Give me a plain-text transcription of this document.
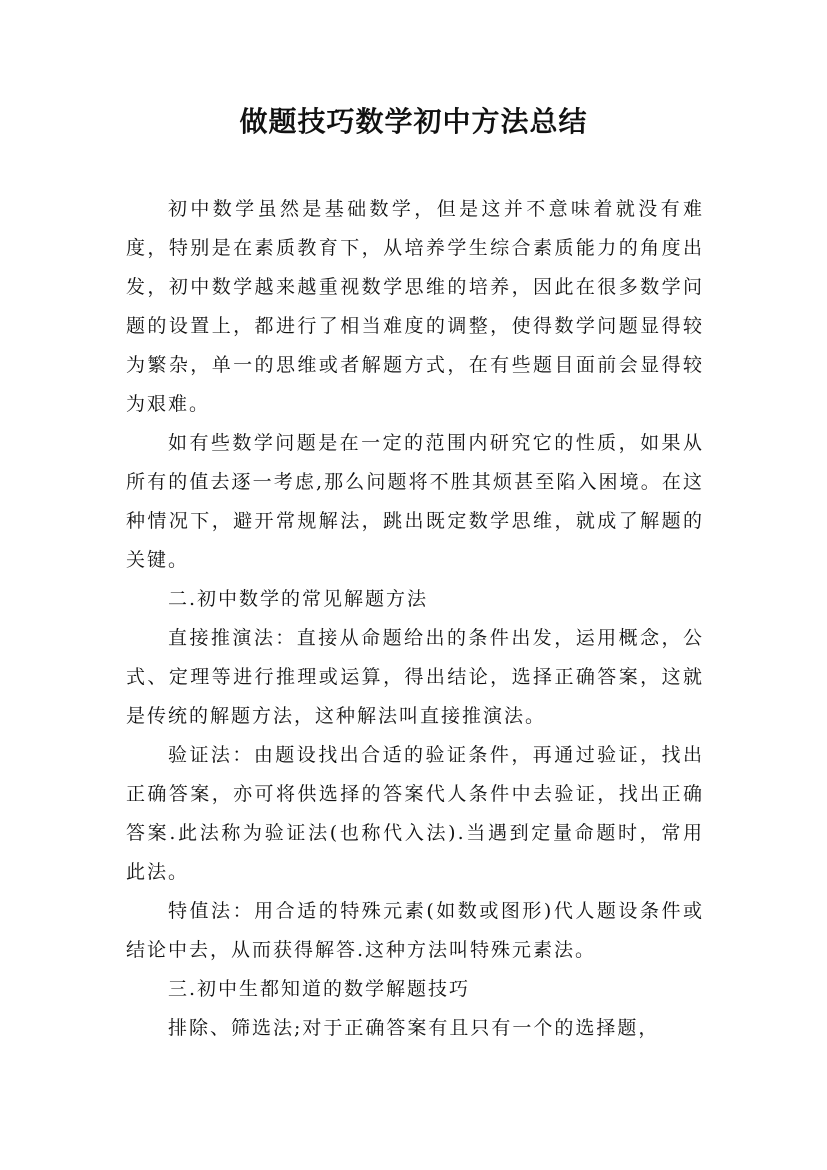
做题技巧数学初中方法总结

初中数学虽然是基础数学，但是这并不意味着就没有难度，特别是在素质教育下，从培养学生综合素质能力的角度出发，初中数学越来越重视数学思维的培养，因此在很多数学问题的设置上，都进行了相当难度的调整，使得数学问题显得较为繁杂，单一的思维或者解题方式，在有些题目面前会显得较为艰难。

如有些数学问题是在一定的范围内研究它的性质，如果从所有的值去逐一考虑,那么问题将不胜其烦甚至陷入困境。在这种情况下，避开常规解法，跳出既定数学思维，就成了解题的关键。

二.初中数学的常见解题方法

直接推演法：直接从命题给出的条件出发，运用概念，公式、定理等进行推理或运算，得出结论，选择正确答案，这就是传统的解题方法，这种解法叫直接推演法。

验证法：由题设找出合适的验证条件，再通过验证，找出正确答案，亦可将供选择的答案代人条件中去验证，找出正确答案.此法称为验证法(也称代入法).当遇到定量命题时，常用此法。

特值法：用合适的特殊元素(如数或图形)代人题设条件或结论中去，从而获得解答.这种方法叫特殊元素法。

三.初中生都知道的数学解题技巧

排除、筛选法;对于正确答案有且只有一个的选择题，
